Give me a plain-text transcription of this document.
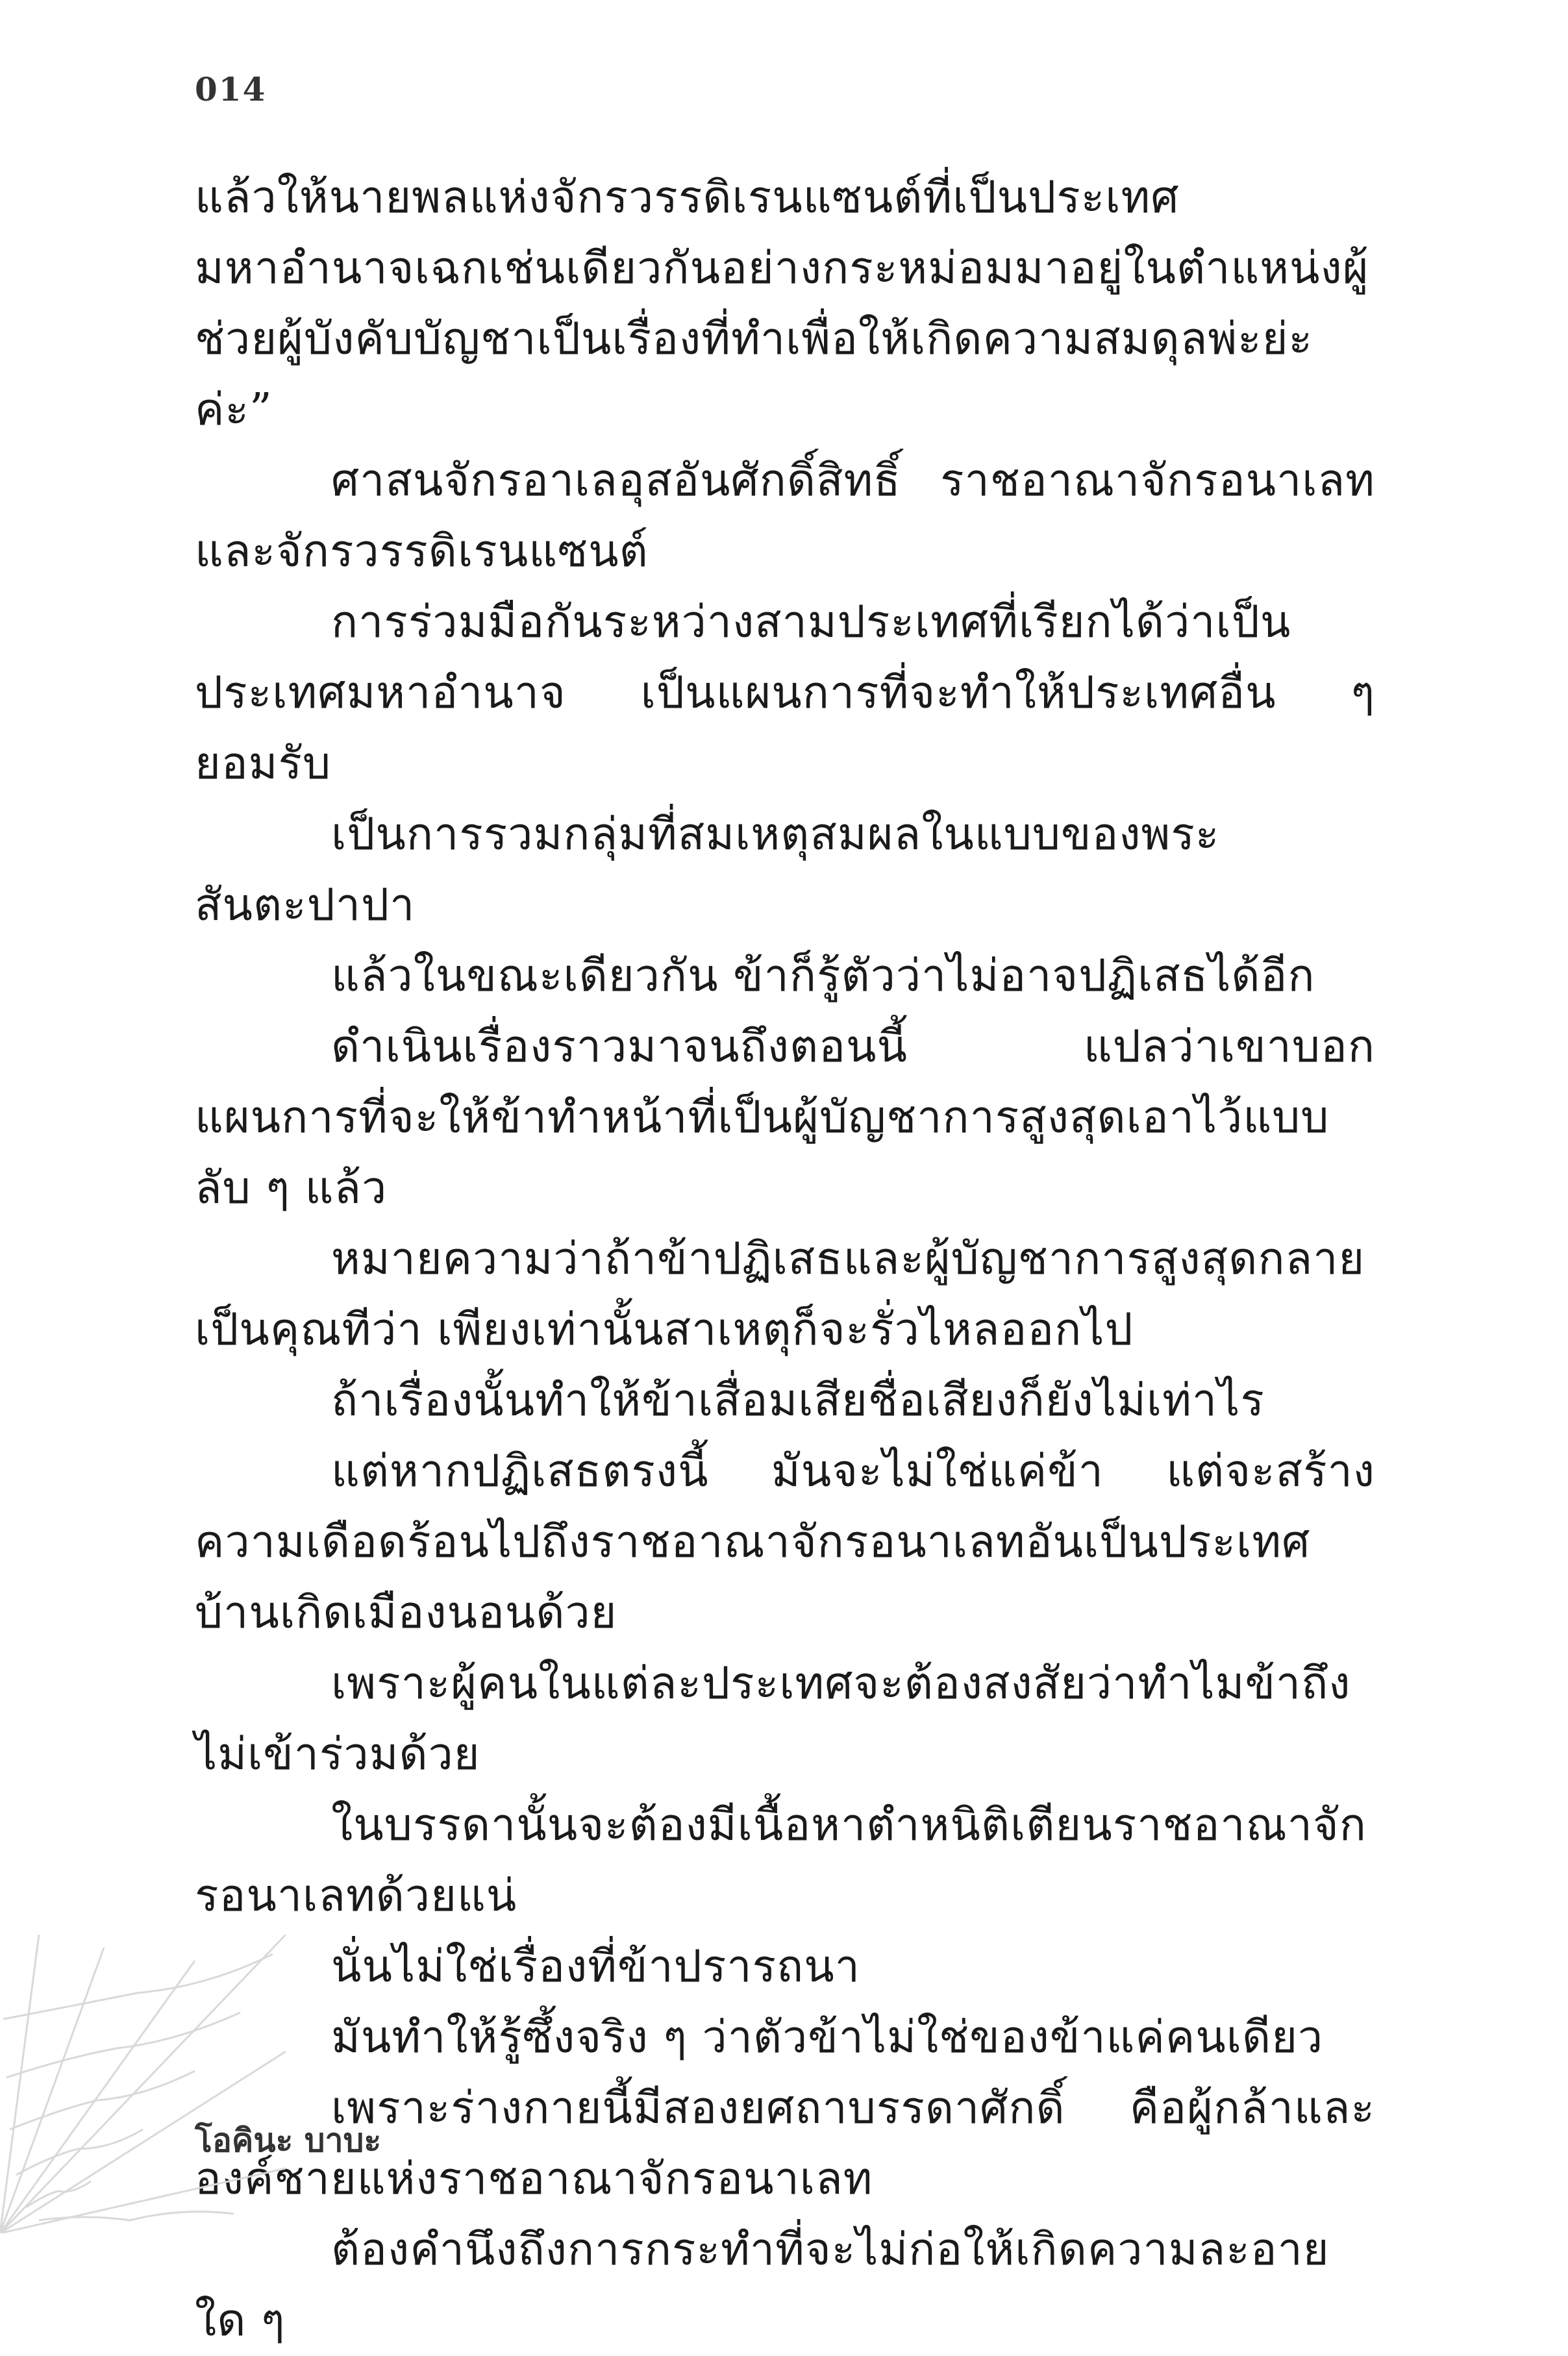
014

แล้วให้นายพลแห่งจักรวรรดิเรนแซนต์ที่เป็นประเทศมหาอำนาจเฉกเช่นเดียวกันอย่างกระหม่อมมาอยู่ในตำแหน่งผู้ช่วยผู้บังคับบัญชาเป็นเรื่องที่ทำเพื่อให้เกิดความสมดุลพ่ะย่ะค่ะ”

ศาสนจักรอาเลอุสอันศักดิ์สิทธิ์ ราชอาณาจักรอนาเลท และจักรวรรดิเรนแซนต์

การร่วมมือกันระหว่างสามประเทศที่เรียกได้ว่าเป็นประเทศมหาอำนาจ เป็นแผนการที่จะทำให้ประเทศอื่น ๆ ยอมรับ

เป็นการรวมกลุ่มที่สมเหตุสมผลในแบบของพระสันตะปาปา

แล้วในขณะเดียวกัน ข้าก็รู้ตัวว่าไม่อาจปฏิเสธได้อีก

ดำเนินเรื่องราวมาจนถึงตอนนี้ แปลว่าเขาบอกแผนการที่จะให้ข้าทำหน้าที่เป็นผู้บัญชาการสูงสุดเอาไว้แบบลับ ๆ แล้ว

หมายความว่าถ้าข้าปฏิเสธและผู้บัญชาการสูงสุดกลายเป็นคุณทีว่า เพียงเท่านั้นสาเหตุก็จะรั่วไหลออกไป

ถ้าเรื่องนั้นทำให้ข้าเสื่อมเสียชื่อเสียงก็ยังไม่เท่าไร

แต่หากปฏิเสธตรงนี้ มันจะไม่ใช่แค่ข้า แต่จะสร้างความเดือดร้อนไปถึงราชอาณาจักรอนาเลทอันเป็นประเทศบ้านเกิดเมืองนอนด้วย

เพราะผู้คนในแต่ละประเทศจะต้องสงสัยว่าทำไมข้าถึงไม่เข้าร่วมด้วย

ในบรรดานั้นจะต้องมีเนื้อหาตำหนิติเตียนราชอาณาจักรอนาเลทด้วยแน่

นั่นไม่ใช่เรื่องที่ข้าปรารถนา

มันทำให้รู้ซึ้งจริง ๆ ว่าตัวข้าไม่ใช่ของข้าแค่คนเดียว

เพราะร่างกายนี้มีสองยศถาบรรดาศักดิ์ คือผู้กล้าและองค์ชายแห่งราชอาณาจักรอนาเลท

ต้องคำนึงถึงการกระทำที่จะไม่ก่อให้เกิดความละอายใด ๆ

โอคินะ บาบะ
